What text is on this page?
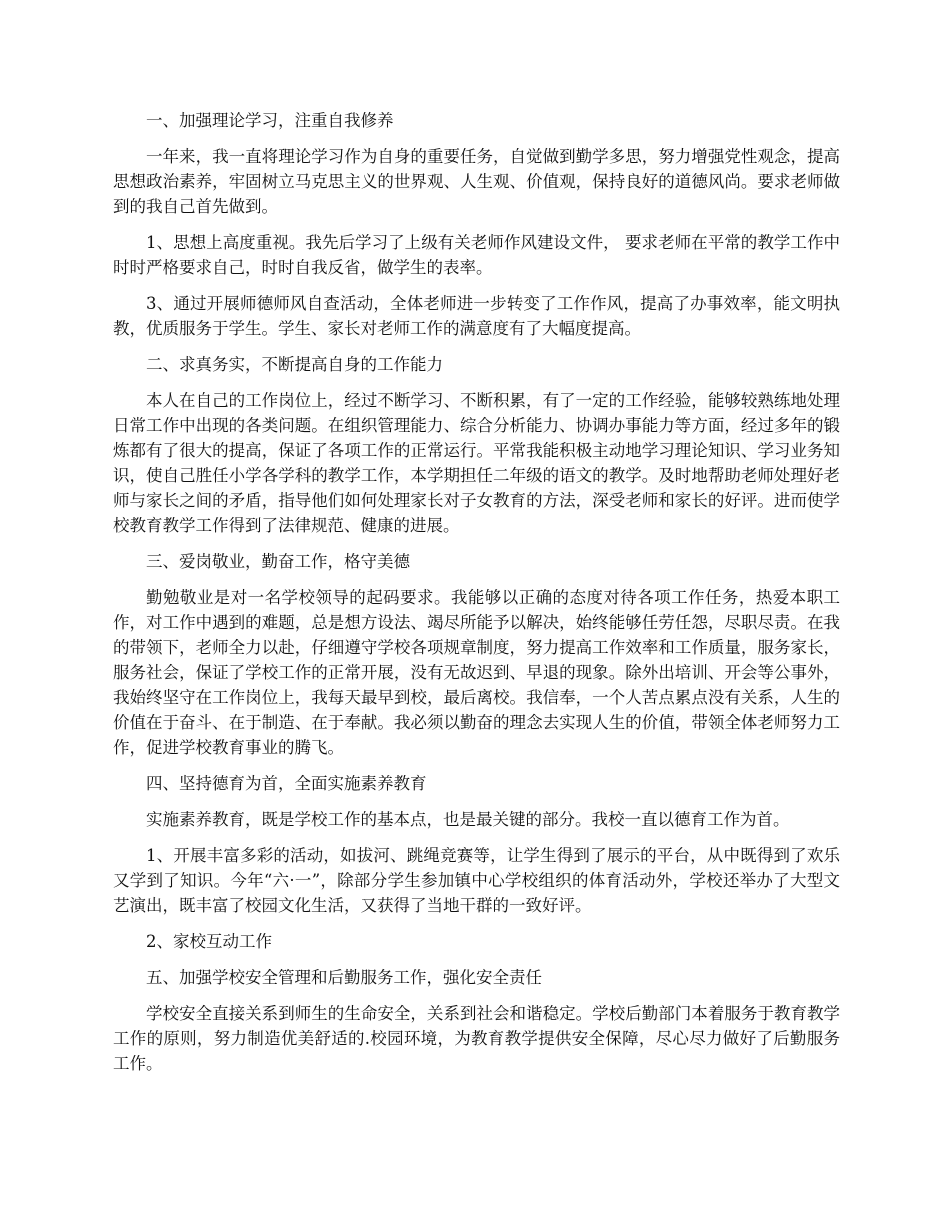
一、加强理论学习，注重自我修养

一年来，我一直将理论学习作为自身的重要任务，自觉做到勤学多思，努力增强党性观念，提高思想政治素养，牢固树立马克思主义的世界观、人生观、价值观，保持良好的道德风尚。要求老师做到的我自己首先做到。

1、思想上高度重视。我先后学习了上级有关老师作风建设文件， 要求老师在平常的教学工作中时时严格要求自己，时时自我反省，做学生的表率。

3、通过开展师德师风自查活动，全体老师进一步转变了工作作风，提高了办事效率，能文明执教，优质服务于学生。学生、家长对老师工作的满意度有了大幅度提高。

二、求真务实，不断提高自身的工作能力

本人在自己的工作岗位上，经过不断学习、不断积累，有了一定的工作经验，能够较熟练地处理日常工作中出现的各类问题。在组织管理能力、综合分析能力、协调办事能力等方面，经过多年的锻炼都有了很大的提高，保证了各项工作的正常运行。平常我能积极主动地学习理论知识、学习业务知识，使自己胜任小学各学科的教学工作，本学期担任二年级的语文的教学。及时地帮助老师处理好老师与家长之间的矛盾，指导他们如何处理家长对子女教育的方法，深受老师和家长的好评。进而使学校教育教学工作得到了法律规范、健康的进展。

三、爱岗敬业，勤奋工作，格守美德

勤勉敬业是对一名学校领导的起码要求。我能够以正确的态度对待各项工作任务，热爱本职工作，对工作中遇到的难题，总是想方设法、竭尽所能予以解决，始终能够任劳任怨，尽职尽责。在我的带领下，老师全力以赴，仔细遵守学校各项规章制度，努力提高工作效率和工作质量，服务家长，服务社会，保证了学校工作的正常开展，没有无故迟到、早退的现象。除外出培训、开会等公事外，我始终坚守在工作岗位上，我每天最早到校，最后离校。我信奉，一个人苦点累点没有关系，人生的价值在于奋斗、在于制造、在于奉献。我必须以勤奋的理念去实现人生的价值，带领全体老师努力工作，促进学校教育事业的腾飞。

四、坚持德育为首，全面实施素养教育

实施素养教育，既是学校工作的基本点，也是最关键的部分。我校一直以德育工作为首。

1、开展丰富多彩的活动，如拔河、跳绳竞赛等，让学生得到了展示的平台，从中既得到了欢乐又学到了知识。今年“六·一”，除部分学生参加镇中心学校组织的体育活动外，学校还举办了大型文艺演出，既丰富了校园文化生活，又获得了当地干群的一致好评。

2、家校互动工作

五、加强学校安全管理和后勤服务工作，强化安全责任

学校安全直接关系到师生的生命安全，关系到社会和谐稳定。学校后勤部门本着服务于教育教学工作的原则，努力制造优美舒适的.校园环境，为教育教学提供安全保障，尽心尽力做好了后勤服务工作。
